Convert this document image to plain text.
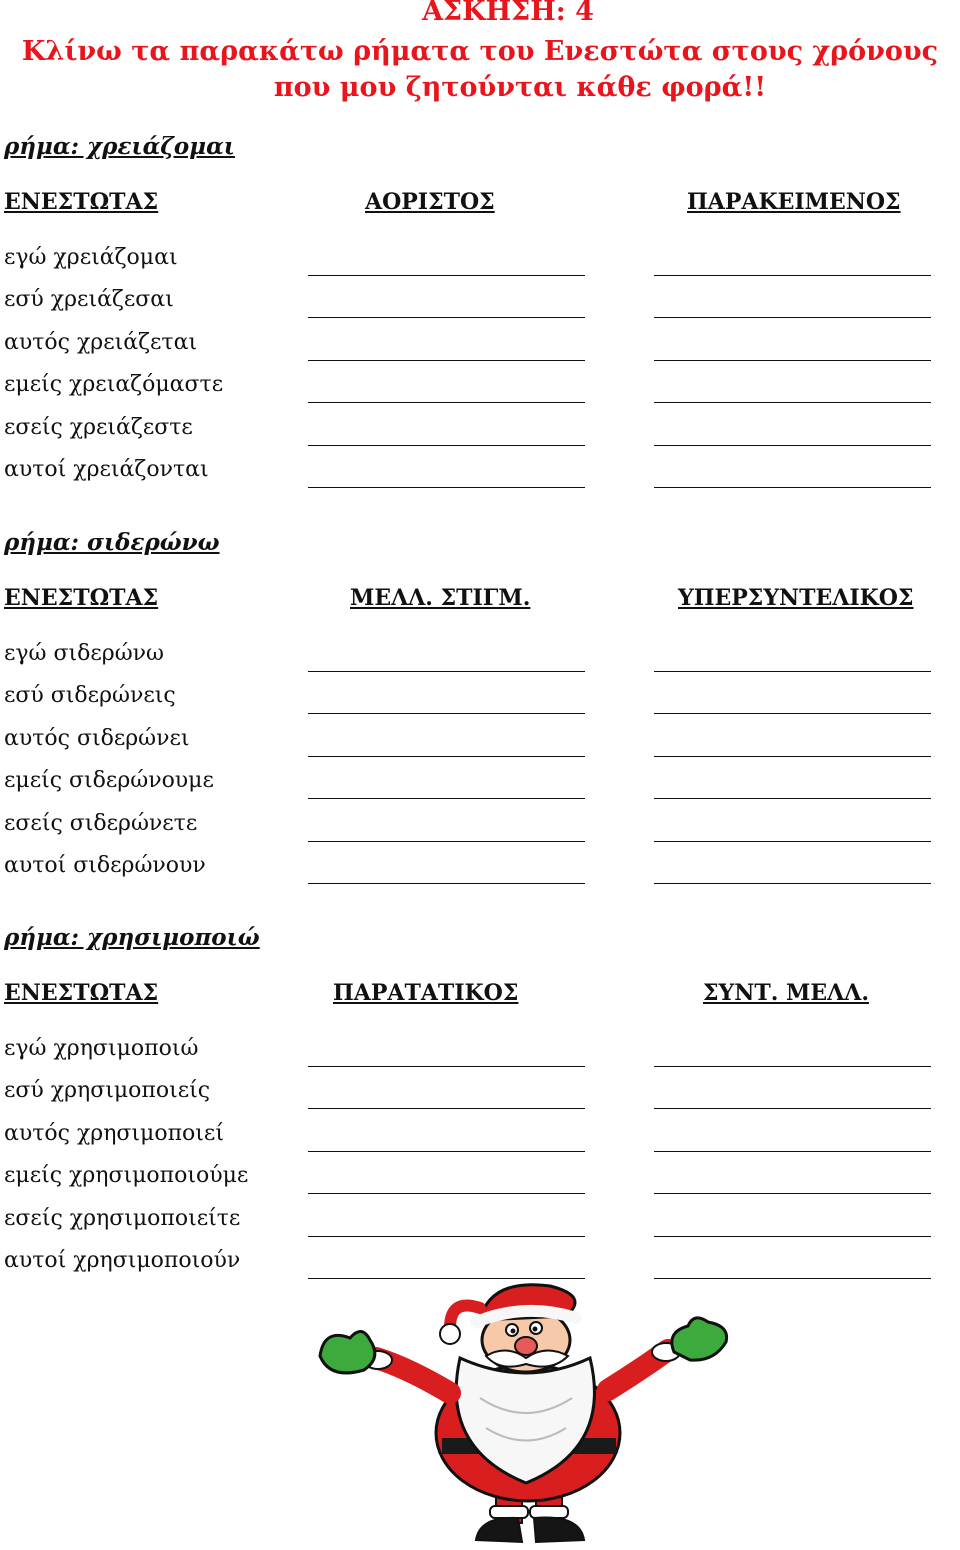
ΑΣΚΗΣΗ: 4
Κλίνω τα παρακάτω ρήματα του Ενεστώτα στους χρόνους
που μου ζητούνται κάθε φορά!!
ρήμα: χρειάζομαι
ΕΝΕΣΤΩΤΑΣ	ΑΟΡΙΣΤΟΣ	ΠΑΡΑΚΕΙΜΕΝΟΣ
εγώ χρειάζομαι
εσύ χρειάζεσαι
αυτός χρειάζεται
εμείς χρειαζόμαστε
εσείς χρειάζεστε
αυτοί χρειάζονται
ρήμα: σιδερώνω
ΕΝΕΣΤΩΤΑΣ	ΜΕΛΛ. ΣΤΙΓΜ.	ΥΠΕΡΣΥΝΤΕΛΙΚΟΣ
εγώ σιδερώνω
εσύ σιδερώνεις
αυτός σιδερώνει
εμείς σιδερώνουμε
εσείς σιδερώνετε
αυτοί σιδερώνουν
ρήμα: χρησιμοποιώ
ΕΝΕΣΤΩΤΑΣ	ΠΑΡΑΤΑΤΙΚΟΣ	ΣΥΝΤ. ΜΕΛΛ.
εγώ χρησιμοποιώ
εσύ χρησιμοποιείς
αυτός χρησιμοποιεί
εμείς χρησιμοποιούμε
εσείς χρησιμοποιείτε
αυτοί χρησιμοποιούν
